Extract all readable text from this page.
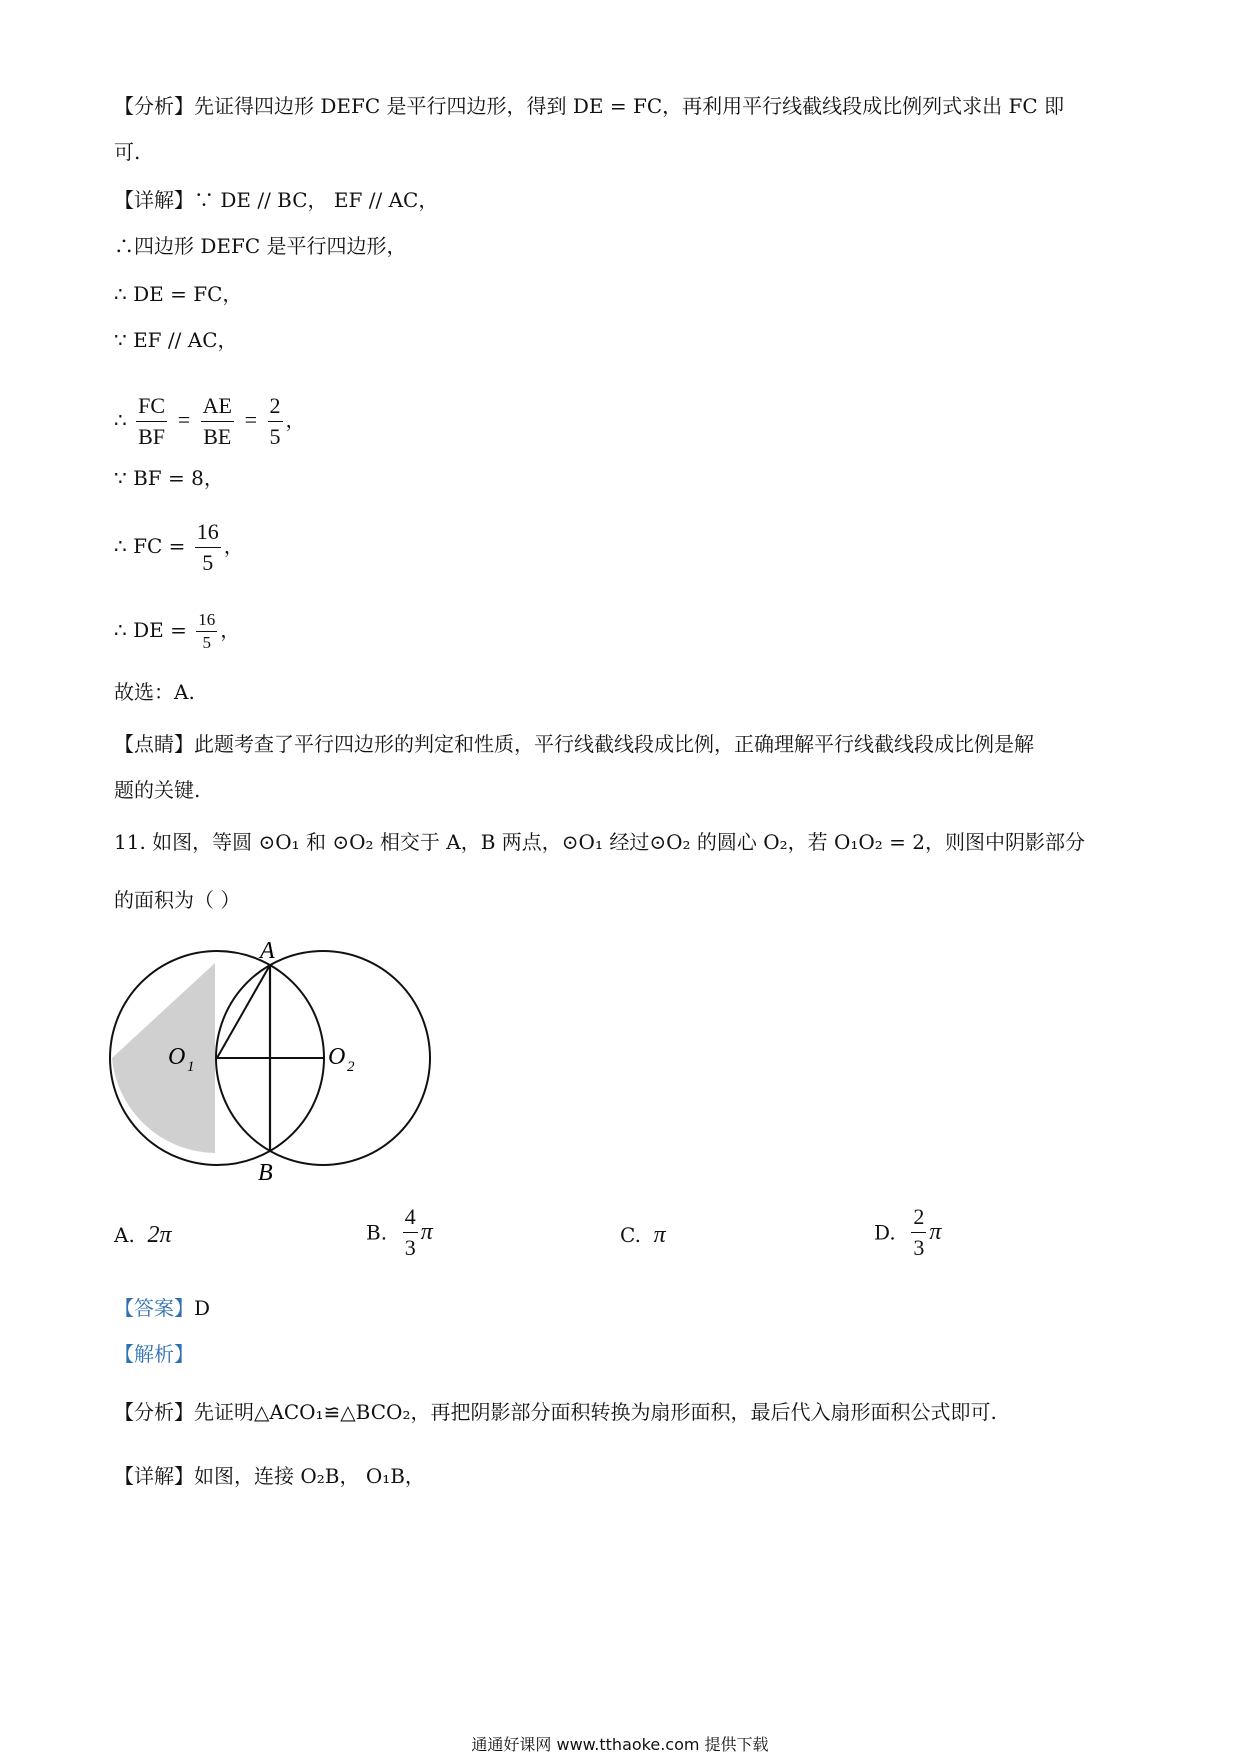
【分析】先证得四边形 DEFC 是平行四边形，得到 DE = FC，再利用平行线截线段成比例列式求出 FC 即
可.
【详解】∵ DE // BC， EF // AC，
∴四边形 DEFC 是平行四边形，
∴ DE = FC，
∵ EF // AC，
∴ $\frac{FC}{BF} = \frac{AE}{BE} = \frac{2}{5}$ ，
∵ BF = 8，
∴ FC = $\frac{16}{5}$ ，
∴ DE = $\frac{16}{5}$ ，
故选：A.
【点睛】此题考查了平行四边形的判定和性质，平行线截线段成比例，正确理解平行线截线段成比例是解
题的关键.
11. 如图，等圆 ⊙O₁ 和 ⊙O₂ 相交于 A，B 两点，⊙O₁ 经过⊙O₂ 的圆心 O₂，若 O₁O₂ = 2，则图中阴影部分
的面积为（ ）
A
B
O 1	O 2
A. 2π	B. $\frac{4}{3}$ π	C. π	D. $\frac{2}{3}$ π
【答案】D
【解析】
【分析】先证明△ACO₁≌△BCO₂，再把阴影部分面积转换为扇形面积，最后代入扇形面积公式即可.
【详解】如图，连接 O₂B， O₁B，
通通好课网 www.tthaoke.com 提供下载
